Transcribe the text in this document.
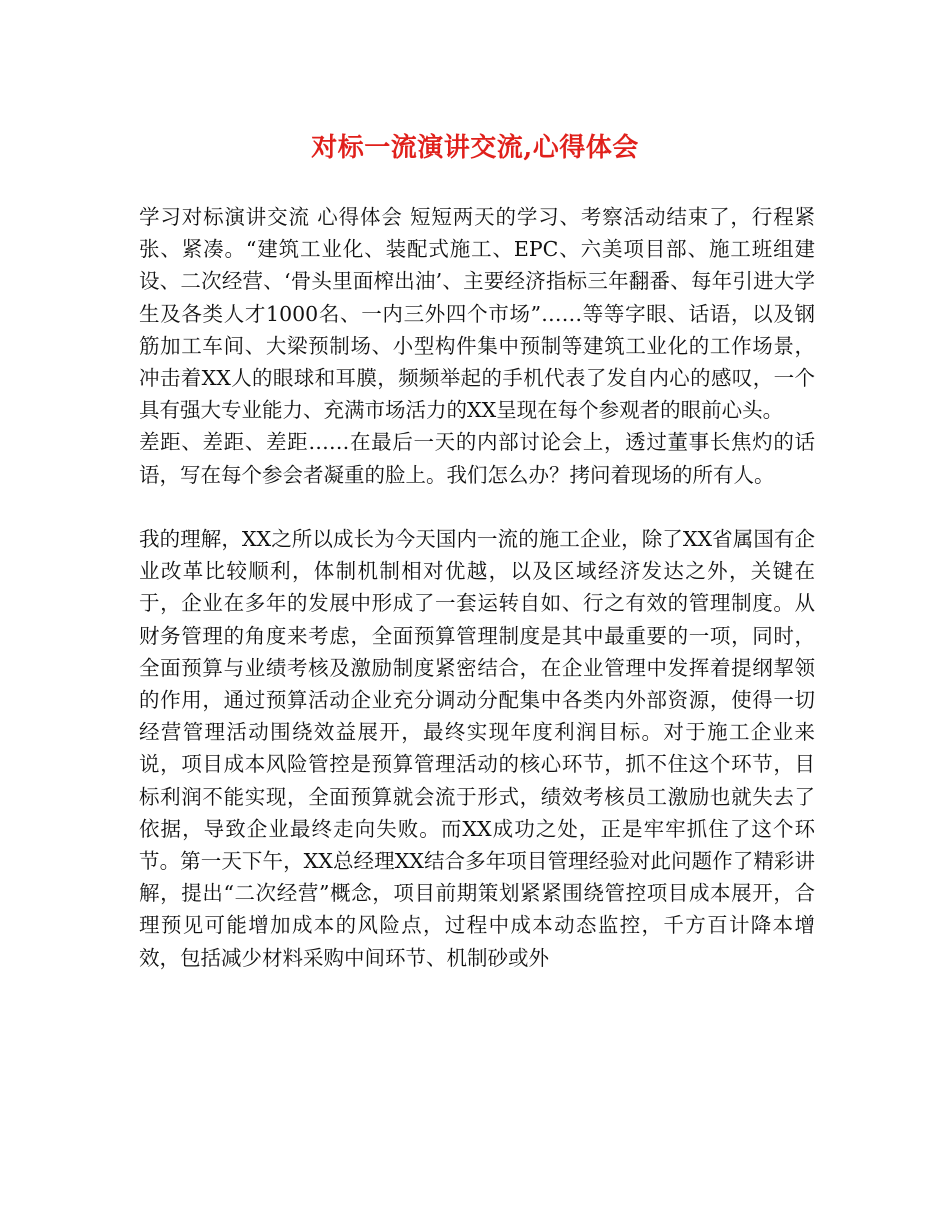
对标一流演讲交流,心得体会

学习对标演讲交流 心得体会 短短两天的学习、考察活动结束了，行程紧张、紧凑。“建筑工业化、装配式施工、EPC、六美项目部、施工班组建设、二次经营、‘骨头里面榨出油’、主要经济指标三年翻番、每年引进大学生及各类人才1000名、一内三外四个市场”……等等字眼、话语，以及钢筋加工车间、大梁预制场、小型构件集中预制等建筑工业化的工作场景，冲击着XX人的眼球和耳膜，频频举起的手机代表了发自内心的感叹，一个具有强大专业能力、充满市场活力的XX呈现在每个参观者的眼前心头。

差距、差距、差距……在最后一天的内部讨论会上，透过董事长焦灼的话语，写在每个参会者凝重的脸上。我们怎么办？拷问着现场的所有人。

我的理解，XX之所以成长为今天国内一流的施工企业，除了XX省属国有企业改革比较顺利，体制机制相对优越，以及区域经济发达之外，关键在于，企业在多年的发展中形成了一套运转自如、行之有效的管理制度。从财务管理的角度来考虑，全面预算管理制度是其中最重要的一项，同时，全面预算与业绩考核及激励制度紧密结合，在企业管理中发挥着提纲挈领的作用，通过预算活动企业充分调动分配集中各类内外部资源，使得一切经营管理活动围绕效益展开，最终实现年度利润目标。对于施工企业来说，项目成本风险管控是预算管理活动的核心环节，抓不住这个环节，目标利润不能实现，全面预算就会流于形式，绩效考核员工激励也就失去了依据，导致企业最终走向失败。而XX成功之处，正是牢牢抓住了这个环节。第一天下午，XX总经理XX结合多年项目管理经验对此问题作了精彩讲解，提出“二次经营”概念，项目前期策划紧紧围绕管控项目成本展开，合理预见可能增加成本的风险点，过程中成本动态监控，千方百计降本增效，包括减少材料采购中间环节、机制砂或外
